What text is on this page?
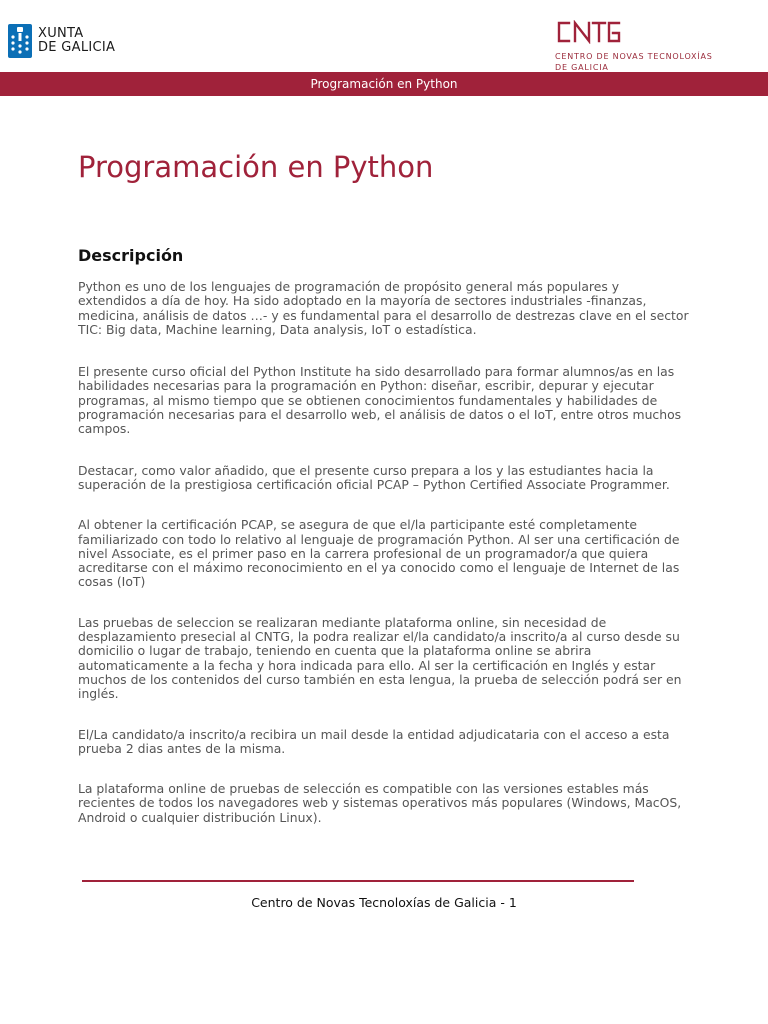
XUNTA
DE GALICIA
CENTRO DE NOVAS TECNOLOXÍAS
DE GALICIA
Programación en Python
Programación en Python
Descripción

Python es uno de los lenguajes de programación de propósito general más populares y extendidos a día de hoy. Ha sido adoptado en la mayoría de sectores industriales -finanzas, medicina, análisis de datos …- y es fundamental para el desarrollo de destrezas clave en el sector TIC: Big data, Machine learning, Data analysis, IoT o estadística.

El presente curso oficial del Python Institute ha sido desarrollado para formar alumnos/as en las habilidades necesarias para la programación en Python: diseñar, escribir, depurar y ejecutar programas, al mismo tiempo que se obtienen conocimientos fundamentales y habilidades de programación necesarias para el desarrollo web, el análisis de datos o el IoT, entre otros muchos campos.

Destacar, como valor añadido, que el presente curso prepara a los y las estudiantes hacia la superación de la prestigiosa certificación oficial PCAP – Python Certified Associate Programmer.

Al obtener la certificación PCAP, se asegura de que el/la participante esté completamente familiarizado con todo lo relativo al lenguaje de programación Python. Al ser una certificación de nivel Associate, es el primer paso en la carrera profesional de un programador/a que quiera acreditarse con el máximo reconocimiento en el ya conocido como el lenguaje de Internet de las cosas (IoT)

Las pruebas de seleccion se realizaran mediante plataforma online, sin necesidad de desplazamiento presecial al CNTG, la podra realizar el/la candidato/a inscrito/a al curso desde su domicilio o lugar de trabajo, teniendo en cuenta que la plataforma online se abrira automaticamente a la fecha y hora indicada para ello. Al ser la certificación en Inglés y estar muchos de los contenidos del curso también en esta lengua, la prueba de selección podrá ser en inglés.

El/La candidato/a inscrito/a recibira un mail desde la entidad adjudicataria con el acceso a esta prueba 2 dias antes de la misma.

La plataforma online de pruebas de selección es compatible con las versiones estables más recientes de todos los navegadores web y sistemas operativos más populares (Windows, MacOS, Android o cualquier distribución Linux).

Centro de Novas Tecnoloxías de Galicia - 1
